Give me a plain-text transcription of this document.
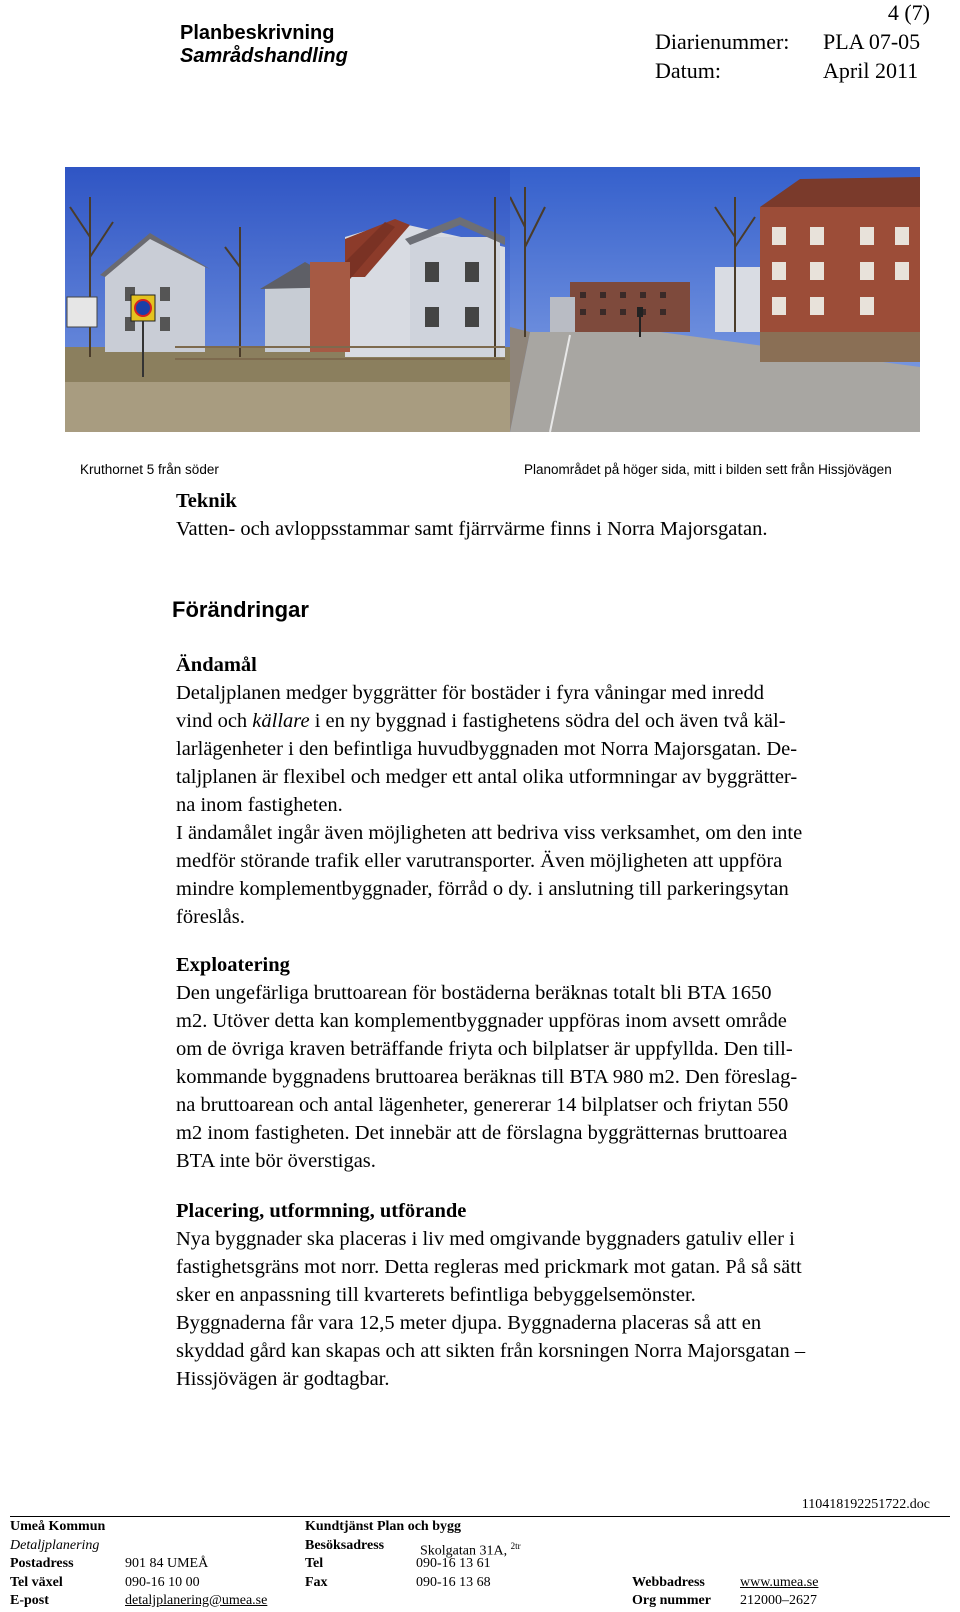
Planbeskrivning
Samrådshandling
4 (7)
Diarienummer:	PLA 07-05
Datum:	April 2011
Kruthornet 5 från söder	Planområdet på höger sida, mitt i bilden sett från Hissjövägen
Teknik
Vatten- och avloppsstammar samt fjärrvärme finns i Norra Majorsgatan.
Förändringar
Ändamål
Detaljplanen medger byggrätter för bostäder i fyra våningar med inredd
vind och källare i en ny byggnad i fastighetens södra del och även två käl-
larlägenheter i den befintliga huvudbyggnaden mot Norra Majorsgatan. De-
taljplanen är flexibel och medger ett antal olika utformningar av byggrätter-
na inom fastigheten.
I ändamålet ingår även möjligheten att bedriva viss verksamhet, om den inte
medför störande trafik eller varutransporter. Även möjligheten att uppföra
mindre komplementbyggnader, förråd o dy. i anslutning till parkeringsytan
föreslås.
Exploatering
Den ungefärliga bruttoarean för bostäderna beräknas totalt bli BTA 1650
m2. Utöver detta kan komplementbyggnader uppföras inom avsett område
om de övriga kraven beträffande friyta och bilplatser är uppfyllda. Den till-
kommande byggnadens bruttoarea beräknas till BTA 980 m2. Den föreslag-
na bruttoarean och antal lägenheter, genererar 14 bilplatser och friytan 550
m2 inom fastigheten. Det innebär att de förslagna byggrätternas bruttoarea
BTA inte bör överstigas.
Placering, utformning, utförande
Nya byggnader ska placeras i liv med omgivande byggnaders gatuliv eller i
fastighetsgräns mot norr. Detta regleras med prickmark mot gatan. På så sätt
sker en anpassning till kvarterets befintliga bebyggelsemönster.
Byggnaderna får vara 12,5 meter djupa. Byggnaderna placeras så att en
skyddad gård kan skapas och att sikten från korsningen Norra Majorsgatan –
Hissjövägen är godtagbar.
110418192251722.doc
Umeå Kommun
Detaljplanering
Postadress	901 84 UMEÅ
Tel växel	090-16 10 00
E-post	detaljplanering@umea.se
Kundtjänst Plan och bygg
Besöksadress	Skolgatan 31A, $^{2tr}$
Tel	090-16 13 61
Fax	090-16 13 68	Webbadress	www.umea.se
Org nummer 212000–2627
